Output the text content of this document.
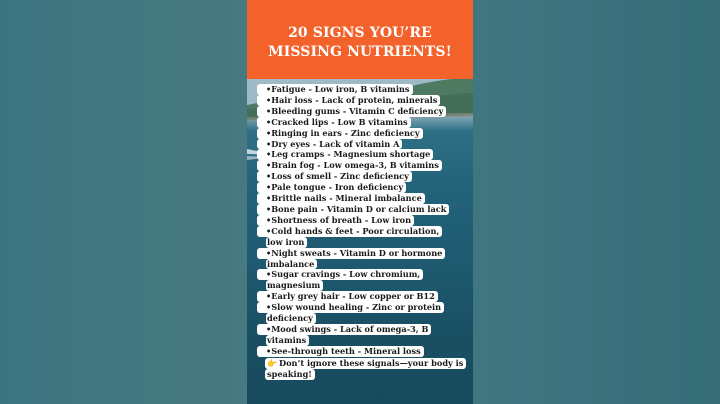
20 SIGNS YOU’RE
MISSING NUTRIENTS!
•Fatigue - Low iron, B vitamins
•Hair loss - Lack of protein, minerals
•Bleeding gums - Vitamin C deficiency
•Cracked lips - Low B vitamins
•Ringing in ears - Zinc deficiency
•Dry eyes - Lack of vitamin A
•Leg cramps - Magnesium shortage
•Brain fog - Low omega-3, B vitamins
•Loss of smell - Zinc deficiency
•Pale tongue - Iron deficiency
•Brittle nails - Mineral imbalance
•Bone pain - Vitamin D or calcium lack
•Shortness of breath - Low iron
•Cold hands & feet - Poor circulation,
low iron
•Night sweats - Vitamin D or hormone
imbalance
•Sugar cravings - Low chromium,
magnesium
•Early grey hair - Low copper or B12
•Slow wound healing - Zinc or protein
deficiency
•Mood swings - Lack of omega-3, B
vitamins
•See-through teeth - Mineral loss
👉 Don’t ignore these signals—your body is
speaking!
